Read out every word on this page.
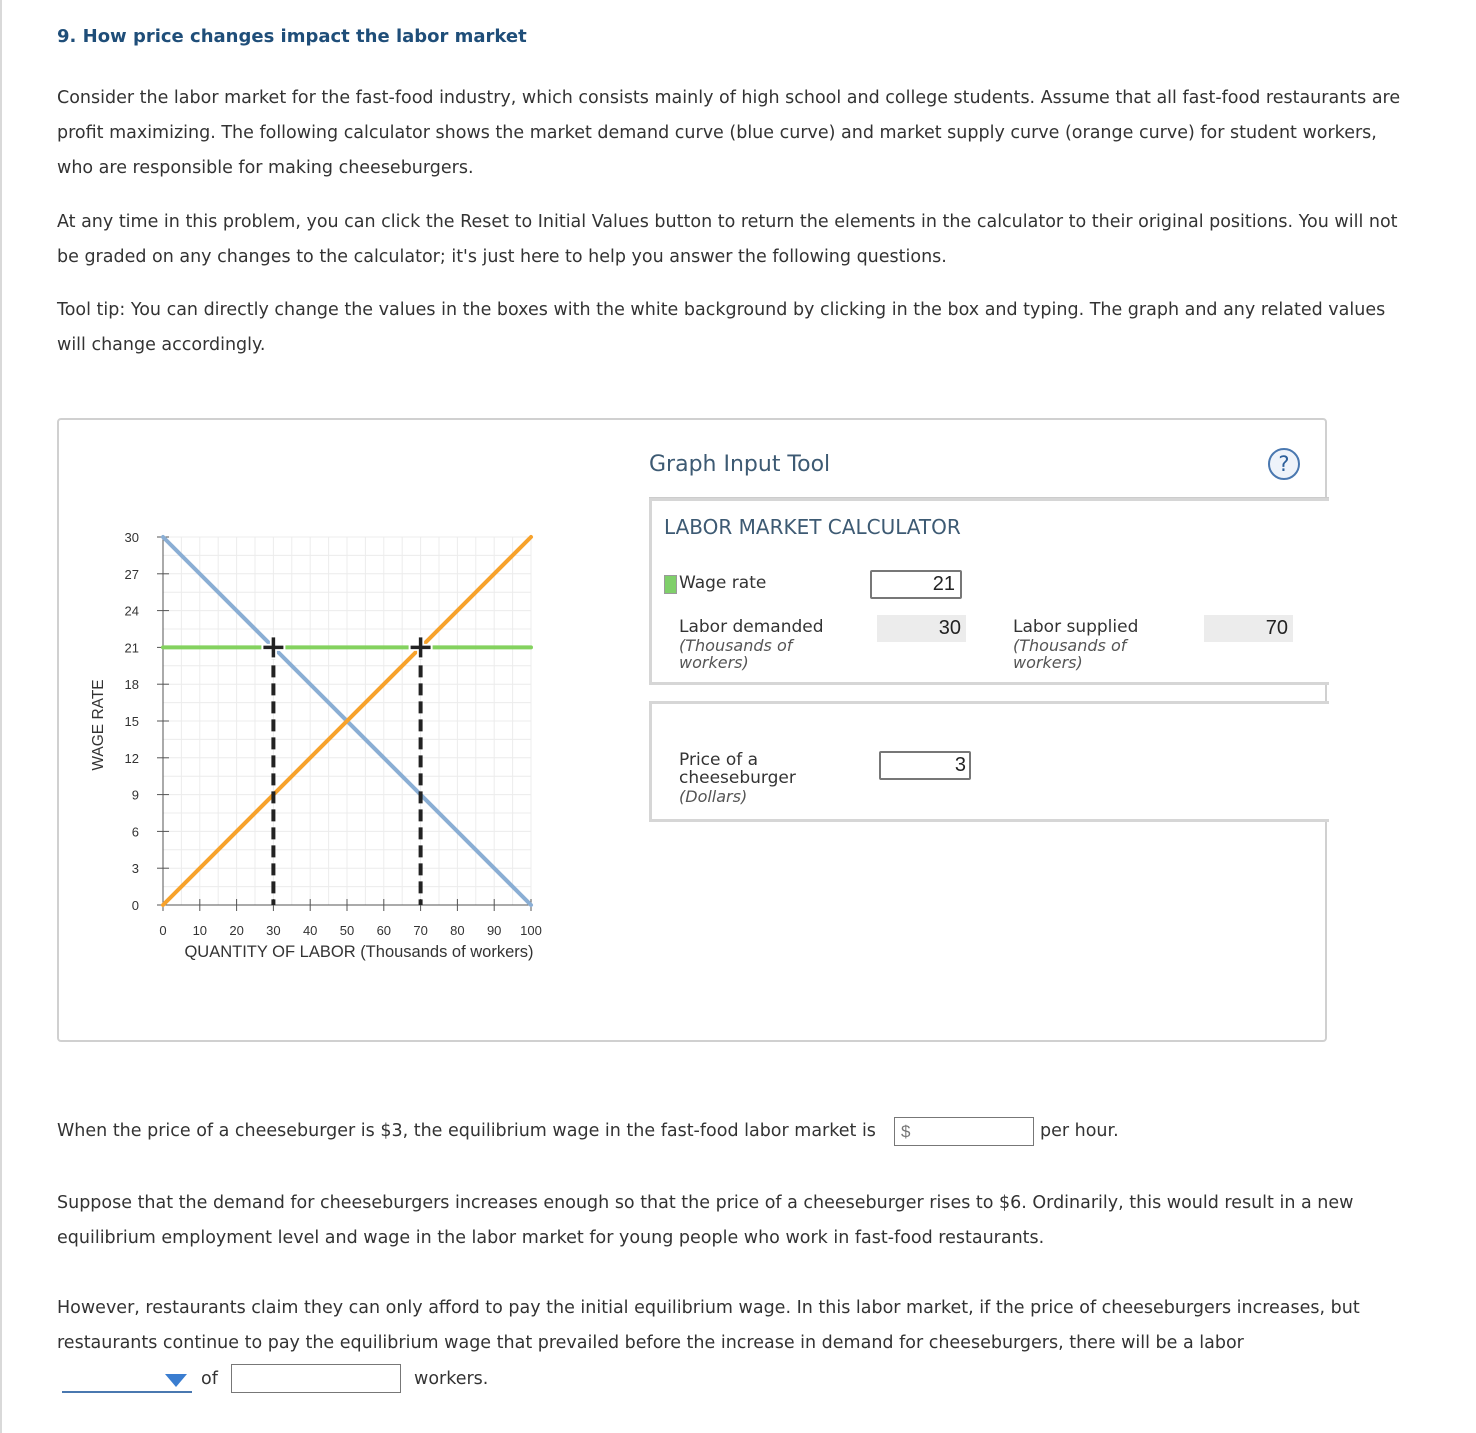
9. How price changes impact the labor market

Consider the labor market for the fast-food industry, which consists mainly of high school and college students. Assume that all fast-food restaurants are profit maximizing. The following calculator shows the market demand curve (blue curve) and market supply curve (orange curve) for student workers, who are responsible for making cheeseburgers.

At any time in this problem, you can click the Reset to Initial Values button to return the elements in the calculator to their original positions. You will not be graded on any changes to the calculator; it's just here to help you answer the following questions.

Tool tip: You can directly change the values in the boxes with the white background by clicking in the box and typing. The graph and any related values will change accordingly.

0
3
6
9
12
15
18
21
24
27
30
0 10 20 30 40 50 60 70 80 90 100
QUANTITY OF LABOR (Thousands of workers)
WAGE RATE
Graph Input Tool	?
LABOR MARKET CALCULATOR
Wage rate
21
Labor demanded
(Thousands of
workers)
30	Labor supplied
(Thousands of
workers)
70
Price of a
cheeseburger
(Dollars)
3
When the price of a cheeseburger is $3, the equilibrium wage in the fast-food labor market is
$	per hour.

Suppose that the demand for cheeseburgers increases enough so that the price of a cheeseburger rises to $6. Ordinarily, this would result in a new equilibrium employment level and wage in the labor market for young people who work in fast-food restaurants.

However, restaurants claim they can only afford to pay the initial equilibrium wage. In this labor market, if the price of cheeseburgers increases, but restaurants continue to pay the equilibrium wage that prevailed before the increase in demand for cheeseburgers, there will be a labor

of	workers.
